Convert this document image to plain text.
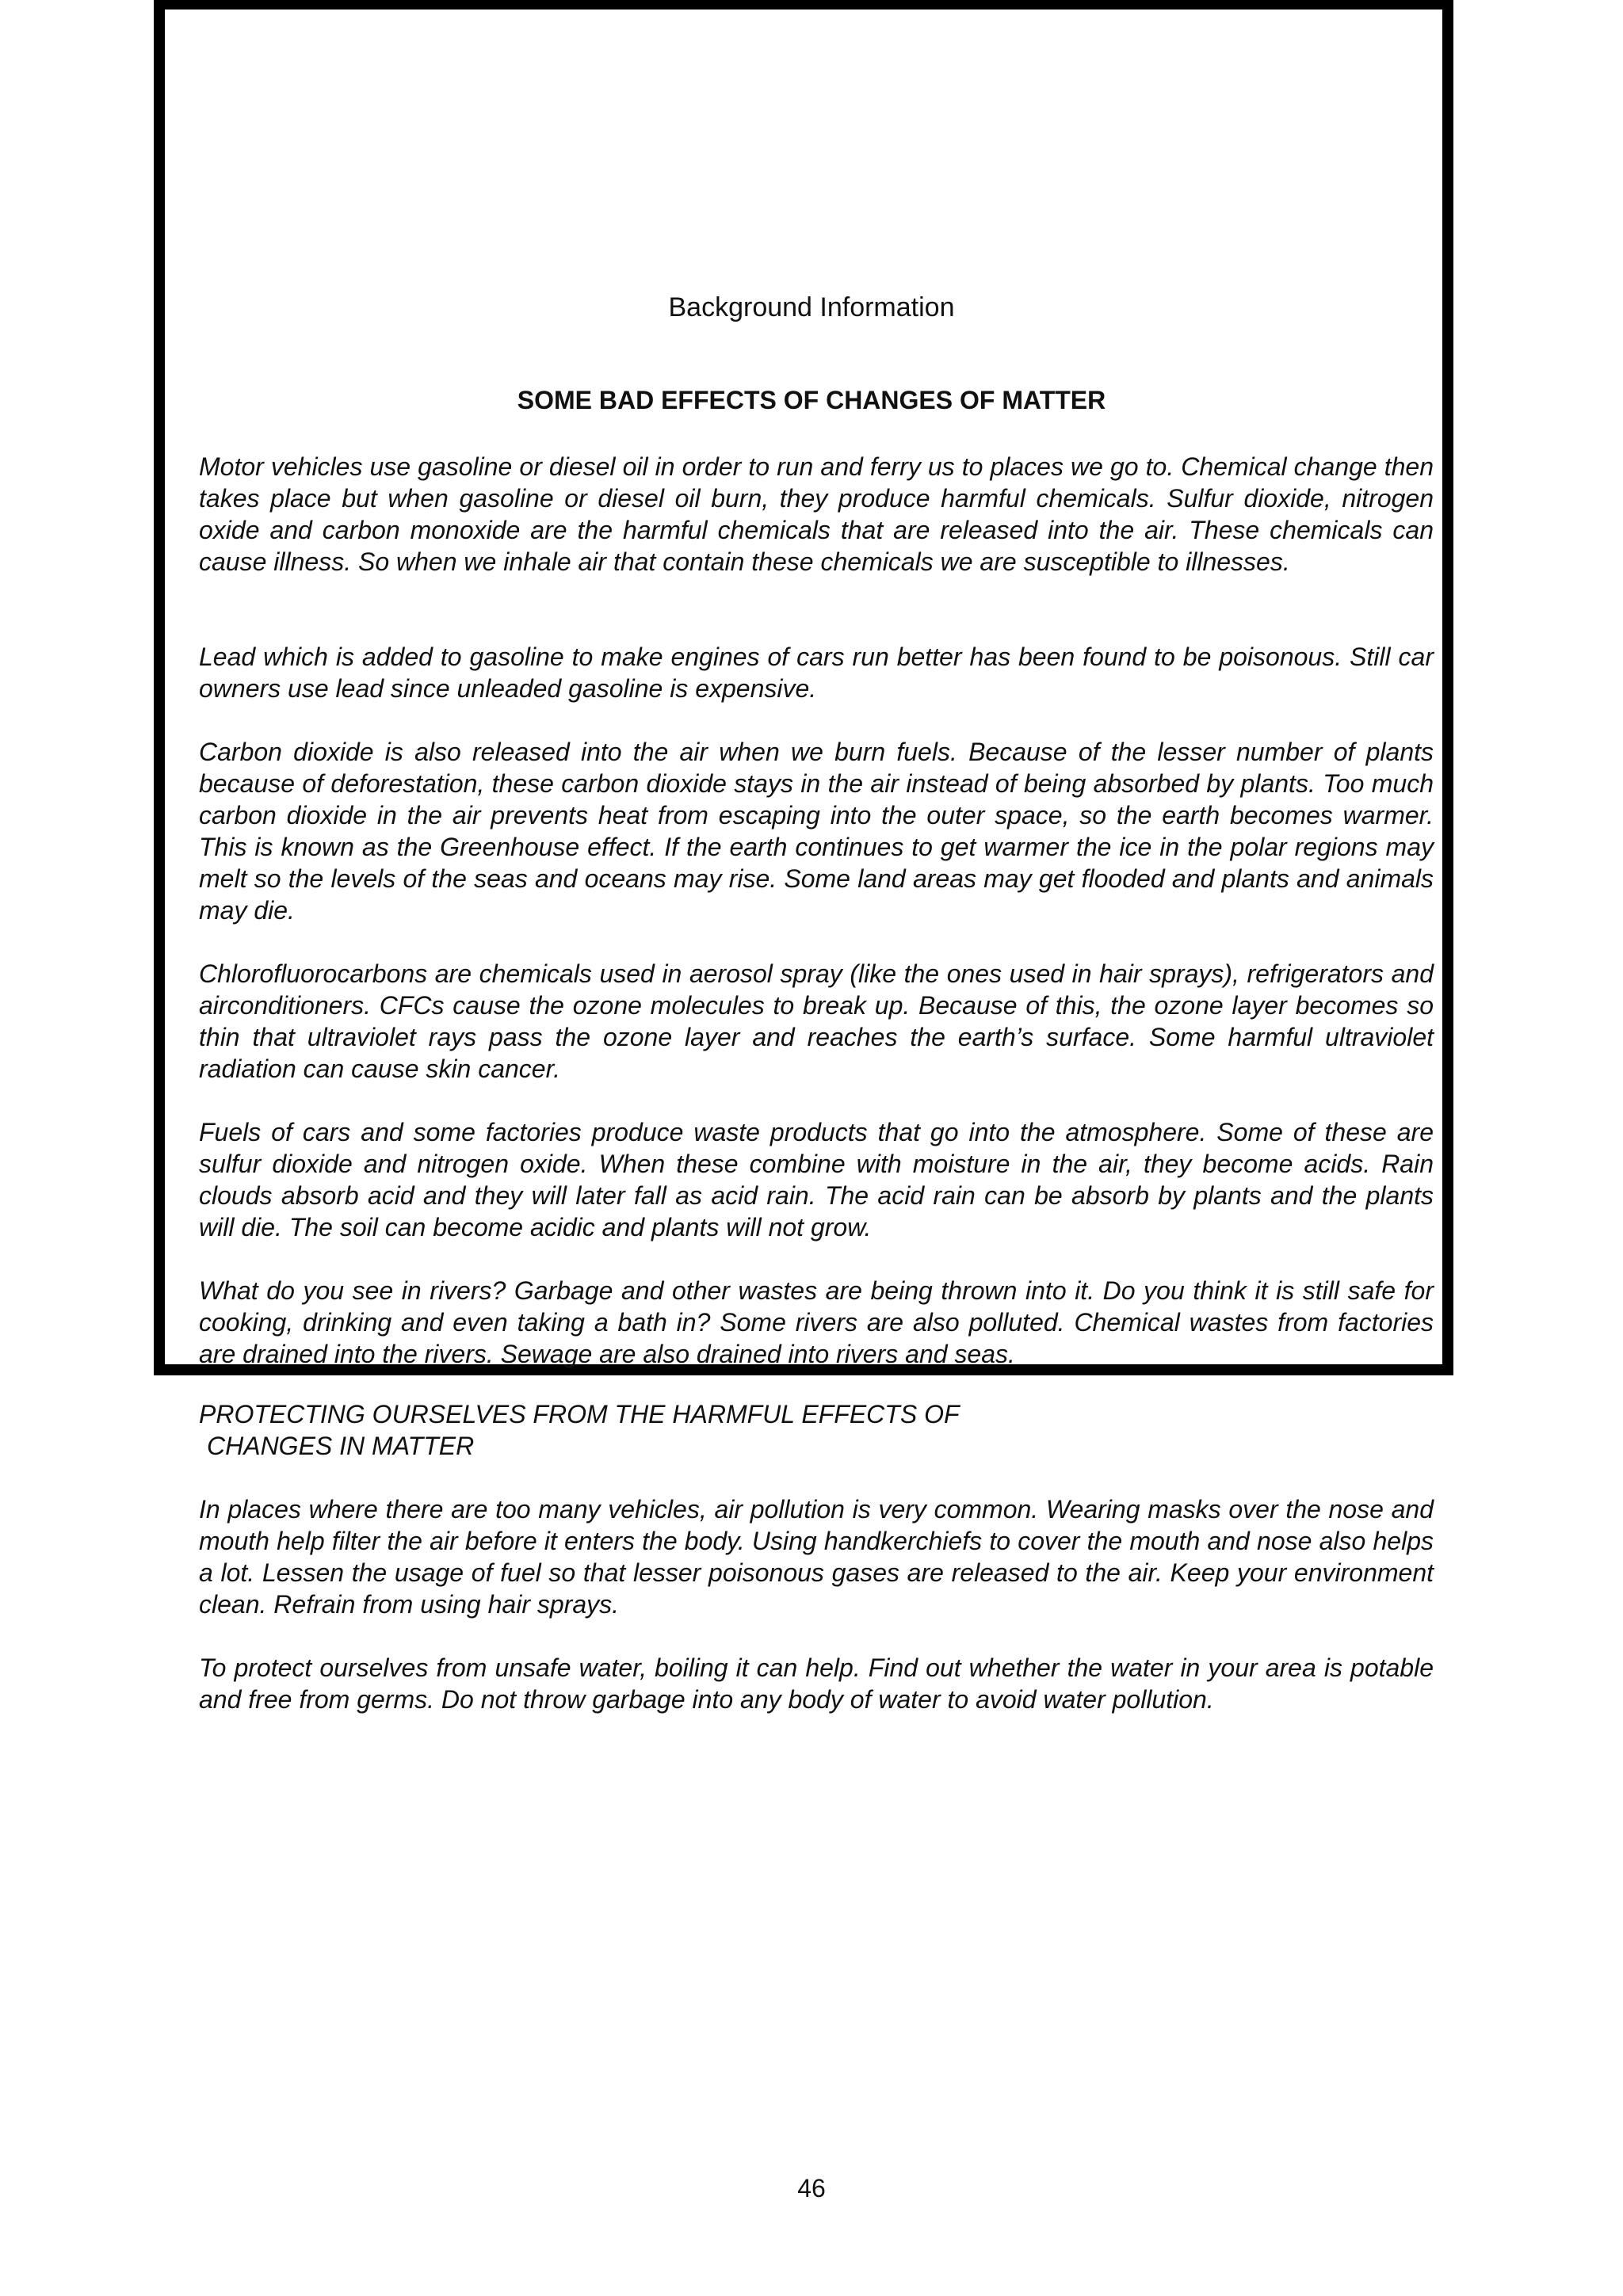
Background Information
SOME BAD EFFECTS OF CHANGES OF MATTER

Motor vehicles use gasoline or diesel oil in order to run and ferry us to places we go to. Chemical change then takes place but when gasoline or diesel oil burn, they produce harmful chemicals. Sulfur dioxide, nitrogen oxide and carbon monoxide are the harmful chemicals that are released into the air. These chemicals can cause illness. So when we inhale air that contain these chemicals we are susceptible to illnesses.

Lead which is added to gasoline to make engines of cars run better has been found to be poisonous. Still car owners use lead since unleaded gasoline is expensive.

Carbon dioxide is also released into the air when we burn fuels. Because of the lesser number of plants because of deforestation, these carbon dioxide stays in the air instead of being absorbed by plants. Too much carbon dioxide in the air prevents heat from escaping into the outer space, so the earth becomes warmer. This is known as the Greenhouse effect. If the earth continues to get warmer the ice in the polar regions may melt so the levels of the seas and oceans may rise. Some land areas may get flooded and plants and animals may die.

Chlorofluorocarbons are chemicals used in aerosol spray (like the ones used in hair sprays), refrigerators and airconditioners. CFCs cause the ozone molecules to break up. Because of this, the ozone layer becomes so thin that ultraviolet rays pass the ozone layer and reaches the earth’s surface. Some harmful ultraviolet radiation can cause skin cancer.

Fuels of cars and some factories produce waste products that go into the atmosphere. Some of these are sulfur dioxide and nitrogen oxide. When these combine with moisture in the air, they become acids. Rain clouds absorb acid and they will later fall as acid rain. The acid rain can be absorb by plants and the plants will die. The soil can become acidic and plants will not grow.

What do you see in rivers? Garbage and other wastes are being thrown into it. Do you think it is still safe for cooking, drinking and even taking a bath in? Some rivers are also polluted. Chemical wastes from factories are drained into the rivers. Sewage are also drained into rivers and seas.

PROTECTING OURSELVES FROM THE HARMFUL EFFECTS OF
CHANGES IN MATTER

In places where there are too many vehicles, air pollution is very common. Wearing masks over the nose and mouth help filter the air before it enters the body. Using handkerchiefs to cover the mouth and nose also helps a lot. Lessen the usage of fuel so that lesser poisonous gases are released to the air. Keep your environment clean. Refrain from using hair sprays.

To protect ourselves from unsafe water, boiling it can help. Find out whether the water in your area is potable and free from germs. Do not throw garbage into any body of water to avoid water pollution.

46
